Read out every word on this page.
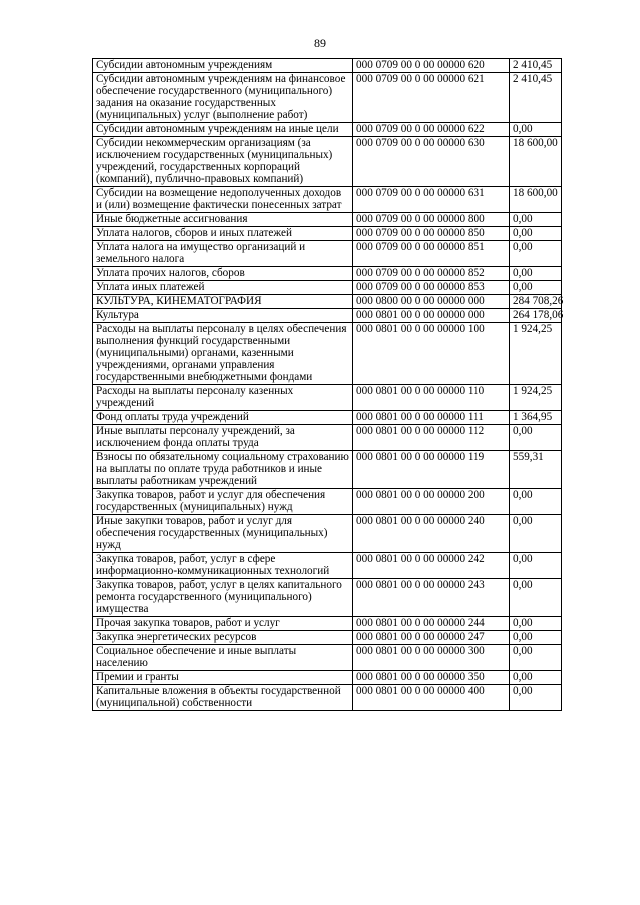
89
Субсидии автономным учреждениям	000 0709 00 0 00 00000 620	2 410,45
Субсидии автономным учреждениям на финансовое обеспечение государственного (муниципального) задания на оказание государственных (муниципальных) услуг (выполнение работ)	000 0709 00 0 00 00000 621	2 410,45
Субсидии автономным учреждениям на иные цели	000 0709 00 0 00 00000 622	0,00
Субсидии некоммерческим организациям (за исключением государственных (муниципальных) учреждений, государственных корпораций (компаний), публично-правовых компаний)	000 0709 00 0 00 00000 630	18 600,00
Субсидии на возмещение недополученных доходов и (или) возмещение фактически понесенных затрат	000 0709 00 0 00 00000 631	18 600,00
Иные бюджетные ассигнования	000 0709 00 0 00 00000 800	0,00
Уплата налогов, сборов и иных платежей	000 0709 00 0 00 00000 850	0,00
Уплата налога на имущество организаций и земельного налога	000 0709 00 0 00 00000 851	0,00
Уплата прочих налогов, сборов	000 0709 00 0 00 00000 852	0,00
Уплата иных платежей	000 0709 00 0 00 00000 853	0,00
КУЛЬТУРА, КИНЕМАТОГРАФИЯ	000 0800 00 0 00 00000 000	284 708,26
Культура	000 0801 00 0 00 00000 000	264 178,06
Расходы на выплаты персоналу в целях обеспечения выполнения функций государственными (муниципальными) органами, казенными учреждениями, органами управления государственными внебюджетными фондами	000 0801 00 0 00 00000 100	1 924,25
Расходы на выплаты персоналу казенных учреждений	000 0801 00 0 00 00000 110	1 924,25
Фонд оплаты труда учреждений	000 0801 00 0 00 00000 111	1 364,95
Иные выплаты персоналу учреждений, за исключением фонда оплаты труда	000 0801 00 0 00 00000 112	0,00
Взносы по обязательному социальному страхованию на выплаты по оплате труда работников и иные выплаты работникам учреждений	000 0801 00 0 00 00000 119	559,31
Закупка товаров, работ и услуг для обеспечения государственных (муниципальных) нужд	000 0801 00 0 00 00000 200	0,00
Иные закупки товаров, работ и услуг для обеспечения государственных (муниципальных) нужд	000 0801 00 0 00 00000 240	0,00
Закупка товаров, работ, услуг в сфере информационно-коммуникационных технологий	000 0801 00 0 00 00000 242	0,00
Закупка товаров, работ, услуг в целях капитального ремонта государственного (муниципального) имущества	000 0801 00 0 00 00000 243	0,00
Прочая закупка товаров, работ и услуг	000 0801 00 0 00 00000 244	0,00
Закупка энергетических ресурсов	000 0801 00 0 00 00000 247	0,00
Социальное обеспечение и иные выплаты населению	000 0801 00 0 00 00000 300	0,00
Премии и гранты	000 0801 00 0 00 00000 350	0,00
Капитальные вложения в объекты государственной (муниципальной) собственности	000 0801 00 0 00 00000 400	0,00
